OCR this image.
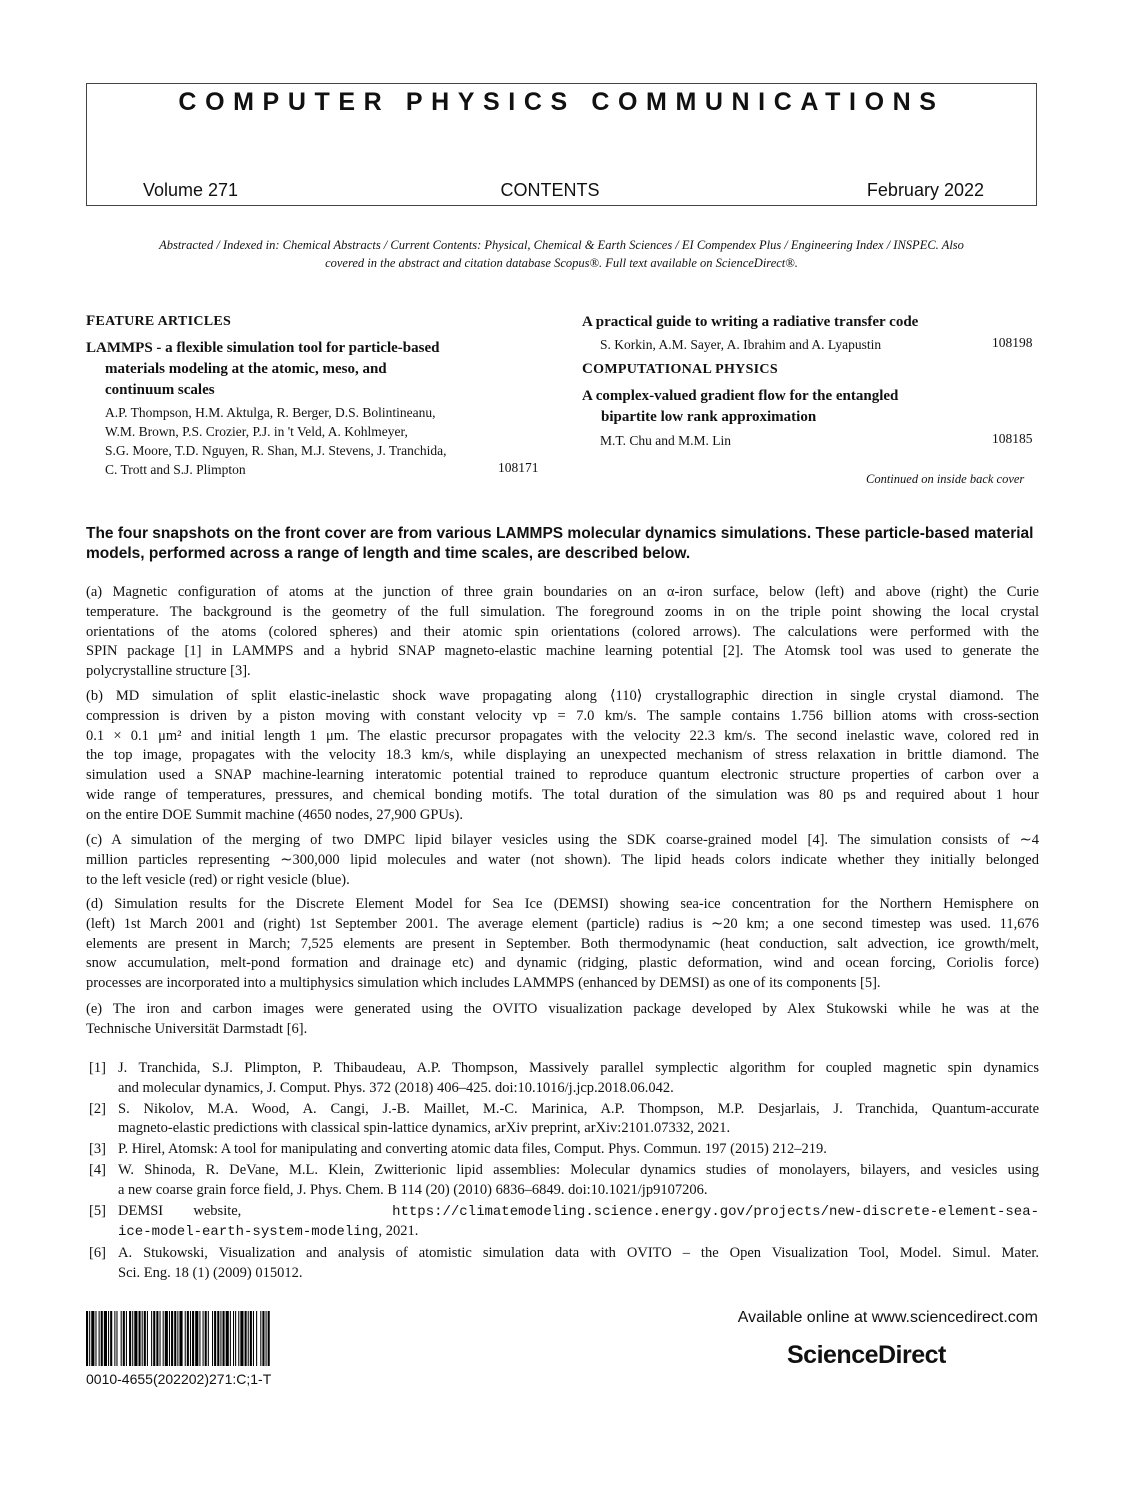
COMPUTER PHYSICS COMMUNICATIONS
Volume 271	CONTENTS	February 2022
Abstracted / Indexed in: Chemical Abstracts / Current Contents: Physical, Chemical & Earth Sciences / EI Compendex Plus / Engineering Index / INSPEC. Also
covered in the abstract and citation database Scopus®. Full text available on ScienceDirect®.
FEATURE ARTICLES
LAMMPS - a flexible simulation tool for particle-based
materials modeling at the atomic, meso, and
continuum scales
A.P. Thompson, H.M. Aktulga, R. Berger, D.S. Bolintineanu,
W.M. Brown, P.S. Crozier, P.J. in 't Veld, A. Kohlmeyer,
S.G. Moore, T.D. Nguyen, R. Shan, M.J. Stevens, J. Tranchida,
C. Trott and S.J. Plimpton	108171
A practical guide to writing a radiative transfer code
S. Korkin, A.M. Sayer, A. Ibrahim and A. Lyapustin	108198
COMPUTATIONAL PHYSICS
A complex-valued gradient flow for the entangled
bipartite low rank approximation
M.T. Chu and M.M. Lin	108185
Continued on inside back cover
The four snapshots on the front cover are from various LAMMPS molecular dynamics simulations. These particle-based material
models, performed across a range of length and time scales, are described below.
(a) Magnetic configuration of atoms at the junction of three grain boundaries on an α-iron surface, below (left) and above (right) the Curie
temperature. The background is the geometry of the full simulation. The foreground zooms in on the triple point showing the local crystal
orientations of the atoms (colored spheres) and their atomic spin orientations (colored arrows). The calculations were performed with the
SPIN package [1] in LAMMPS and a hybrid SNAP magneto-elastic machine learning potential [2]. The Atomsk tool was used to generate the
polycrystalline structure [3].
(b) MD simulation of split elastic-inelastic shock wave propagating along ⟨110⟩ crystallographic direction in single crystal diamond. The
compression is driven by a piston moving with constant velocity vp = 7.0 km/s. The sample contains 1.756 billion atoms with cross-section
0.1 × 0.1 μm² and initial length 1 μm. The elastic precursor propagates with the velocity 22.3 km/s. The second inelastic wave, colored red in
the top image, propagates with the velocity 18.3 km/s, while displaying an unexpected mechanism of stress relaxation in brittle diamond. The
simulation used a SNAP machine-learning interatomic potential trained to reproduce quantum electronic structure properties of carbon over a
wide range of temperatures, pressures, and chemical bonding motifs. The total duration of the simulation was 80 ps and required about 1 hour
on the entire DOE Summit machine (4650 nodes, 27,900 GPUs).
(c) A simulation of the merging of two DMPC lipid bilayer vesicles using the SDK coarse-grained model [4]. The simulation consists of ∼4
million particles representing ∼300,000 lipid molecules and water (not shown). The lipid heads colors indicate whether they initially belonged
to the left vesicle (red) or right vesicle (blue).
(d) Simulation results for the Discrete Element Model for Sea Ice (DEMSI) showing sea-ice concentration for the Northern Hemisphere on
(left) 1st March 2001 and (right) 1st September 2001. The average element (particle) radius is ∼20 km; a one second timestep was used. 11,676
elements are present in March; 7,525 elements are present in September. Both thermodynamic (heat conduction, salt advection, ice growth/melt,
snow accumulation, melt-pond formation and drainage etc) and dynamic (ridging, plastic deformation, wind and ocean forcing, Coriolis force)
processes are incorporated into a multiphysics simulation which includes LAMMPS (enhanced by DEMSI) as one of its components [5].
(e) The iron and carbon images were generated using the OVITO visualization package developed by Alex Stukowski while he was at the
Technische Universität Darmstadt [6].
[1] J. Tranchida, S.J. Plimpton, P. Thibaudeau, A.P. Thompson, Massively parallel symplectic algorithm for coupled magnetic spin dynamics
and molecular dynamics, J. Comput. Phys. 372 (2018) 406–425. doi:10.1016/j.jcp.2018.06.042.
[2] S. Nikolov, M.A. Wood, A. Cangi, J.-B. Maillet, M.-C. Marinica, A.P. Thompson, M.P. Desjarlais, J. Tranchida, Quantum-accurate
magneto-elastic predictions with classical spin-lattice dynamics, arXiv preprint, arXiv:2101.07332, 2021.
[3] P. Hirel, Atomsk: A tool for manipulating and converting atomic data files, Comput. Phys. Commun. 197 (2015) 212–219.
[4] W. Shinoda, R. DeVane, M.L. Klein, Zwitterionic lipid assemblies: Molecular dynamics studies of monolayers, bilayers, and vesicles using
a new coarse grain force field, J. Phys. Chem. B 114 (20) (2010) 6836–6849. doi:10.1021/jp9107206.
[5] DEMSI website,	https://climatemodeling.science.energy.gov/projects/new-discrete-element-sea-
ice-model-earth-system-modeling, 2021.
[6] A. Stukowski, Visualization and analysis of atomistic simulation data with OVITO – the Open Visualization Tool, Model. Simul. Mater.
Sci. Eng. 18 (1) (2009) 015012.
0010-4655(202202)271:C;1-T
Available online at www.sciencedirect.com
ScienceDirect
